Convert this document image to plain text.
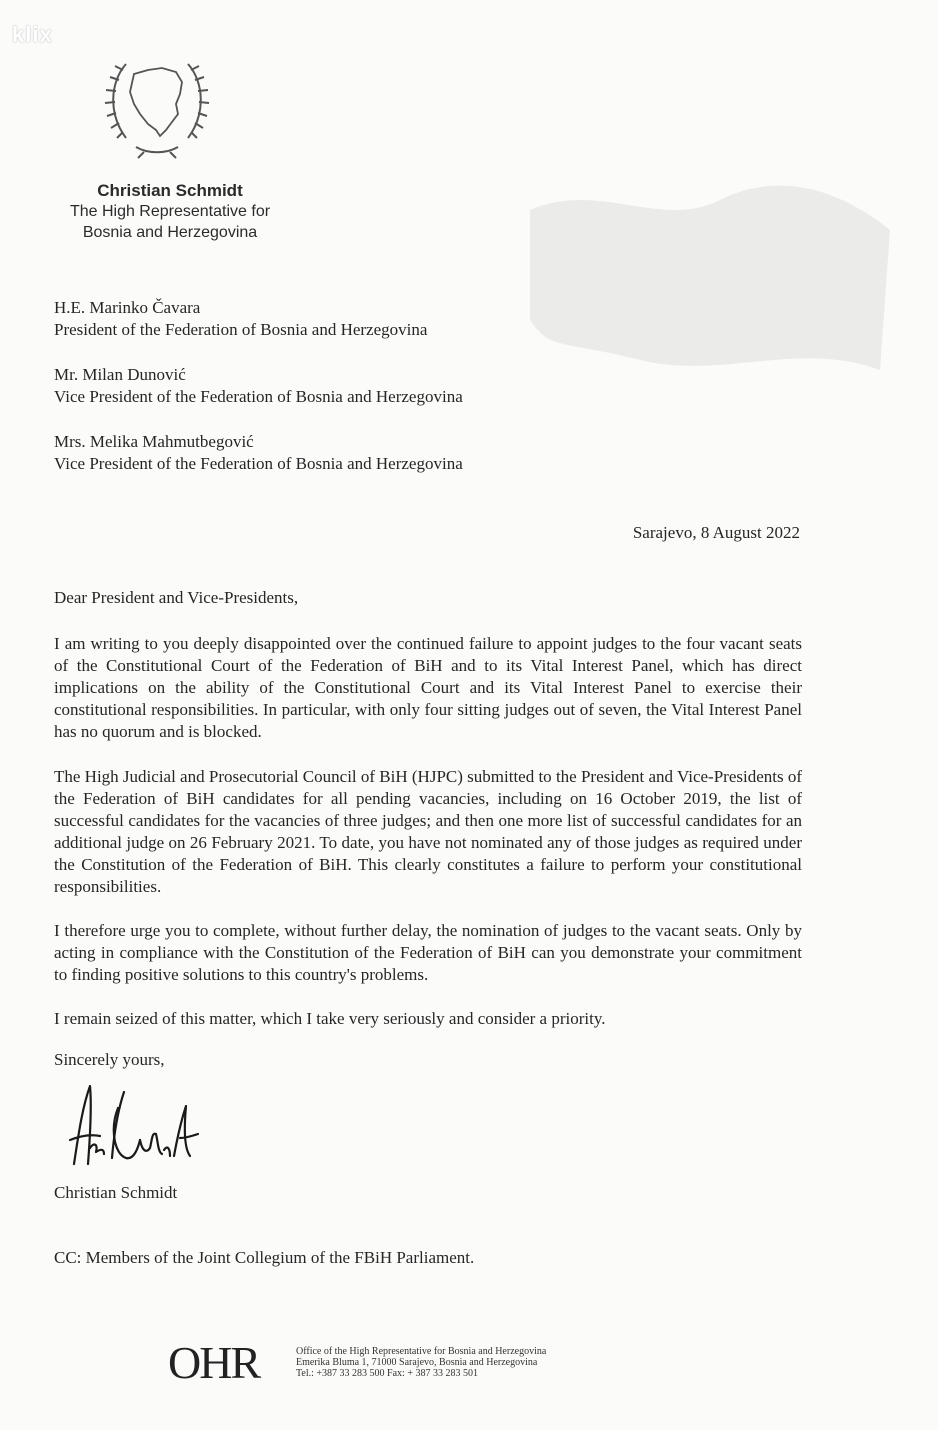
klix
Christian Schmidt
The High Representative for
Bosnia and Herzegovina
H.E. Marinko Čavara
President of the Federation of Bosnia and Herzegovina
Mr. Milan Dunović
Vice President of the Federation of Bosnia and Herzegovina
Mrs. Melika Mahmutbegović
Vice President of the Federation of Bosnia and Herzegovina
Sarajevo, 8 August 2022
Dear President and Vice-Presidents,
I am writing to you deeply disappointed over the continued failure to appoint judges to the four vacant seats of the Constitutional Court of the Federation of BiH and to its Vital Interest Panel, which has direct implications on the ability of the Constitutional Court and its Vital Interest Panel to exercise their constitutional responsibilities. In particular, with only four sitting judges out of seven, the Vital Interest Panel has no quorum and is blocked.
The High Judicial and Prosecutorial Council of BiH (HJPC) submitted to the President and Vice-Presidents of the Federation of BiH candidates for all pending vacancies, including on 16 October 2019, the list of successful candidates for the vacancies of three judges; and then one more list of successful candidates for an additional judge on 26 February 2021. To date, you have not nominated any of those judges as required under the Constitution of the Federation of BiH. This clearly constitutes a failure to perform your constitutional responsibilities.
I therefore urge you to complete, without further delay, the nomination of judges to the vacant seats. Only by acting in compliance with the Constitution of the Federation of BiH can you demonstrate your commitment to finding positive solutions to this country's problems.
I remain seized of this matter, which I take very seriously and consider a priority.
Sincerely yours,
Christian Schmidt
CC: Members of the Joint Collegium of the FBiH Parliament.
OHR	Office of the High Representative for Bosnia and Herzegovina
Emerika Bluma 1, 71000 Sarajevo, Bosnia and Herzegovina
Tel.: +387 33 283 500 Fax: + 387 33 283 501
